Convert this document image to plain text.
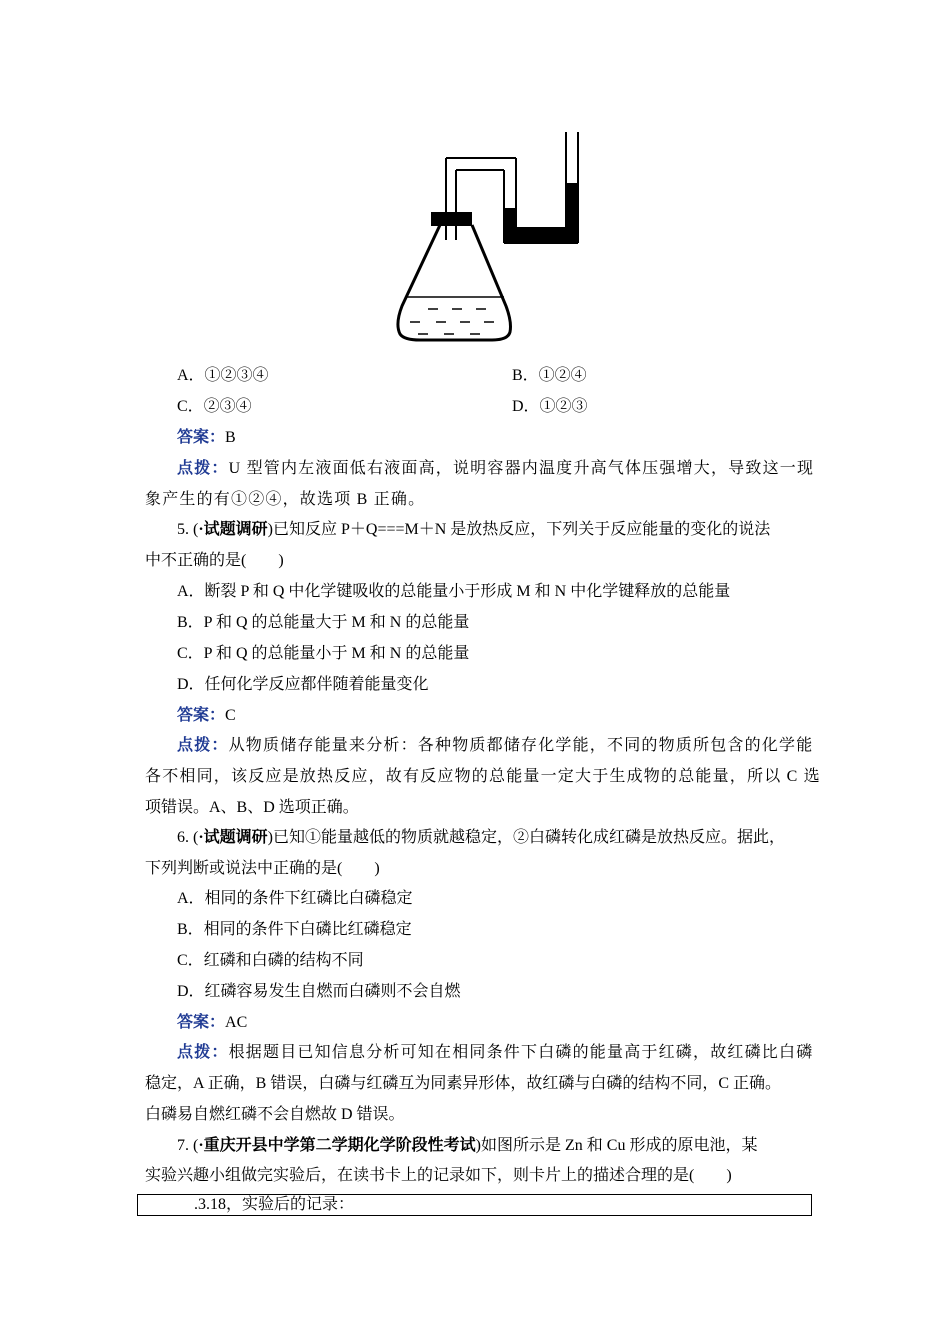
A．①②③④	B．①②④
C．②③④	D．①②③
答案：B
点拨：U 型管内左液面低右液面高，说明容器内温度升高气体压强增大，导致这一现
象产生的有①②④，故选项 B 正确。
5. (·试题调研)已知反应 P＋Q===M＋N 是放热反应，下列关于反应能量的变化的说法
中不正确的是(　　)
A．断裂 P 和 Q 中化学键吸收的总能量小于形成 M 和 N 中化学键释放的总能量
B．P 和 Q 的总能量大于 M 和 N 的总能量
C．P 和 Q 的总能量小于 M 和 N 的总能量
D．任何化学反应都伴随着能量变化
答案：C
点拨：从物质储存能量来分析：各种物质都储存化学能，不同的物质所包含的化学能
各不相同，该反应是放热反应，故有反应物的总能量一定大于生成物的总能量，所以 C 选
项错误。A、B、D 选项正确。
6. (·试题调研)已知①能量越低的物质就越稳定，②白磷转化成红磷是放热反应。据此，
下列判断或说法中正确的是(　　)
A．相同的条件下红磷比白磷稳定
B．相同的条件下白磷比红磷稳定
C．红磷和白磷的结构不同
D．红磷容易发生自燃而白磷则不会自燃
答案：AC
点拨：根据题目已知信息分析可知在相同条件下白磷的能量高于红磷，故红磷比白磷
稳定，A 正确，B 错误，白磷与红磷互为同素异形体，故红磷与白磷的结构不同，C 正确。
白磷易自燃红磷不会自燃故 D 错误。
7. (·重庆开县中学第二学期化学阶段性考试)如图所示是 Zn 和 Cu 形成的原电池，某
实验兴趣小组做完实验后，在读书卡上的记录如下，则卡片上的描述合理的是(　　)
.3.18，实验后的记录：
